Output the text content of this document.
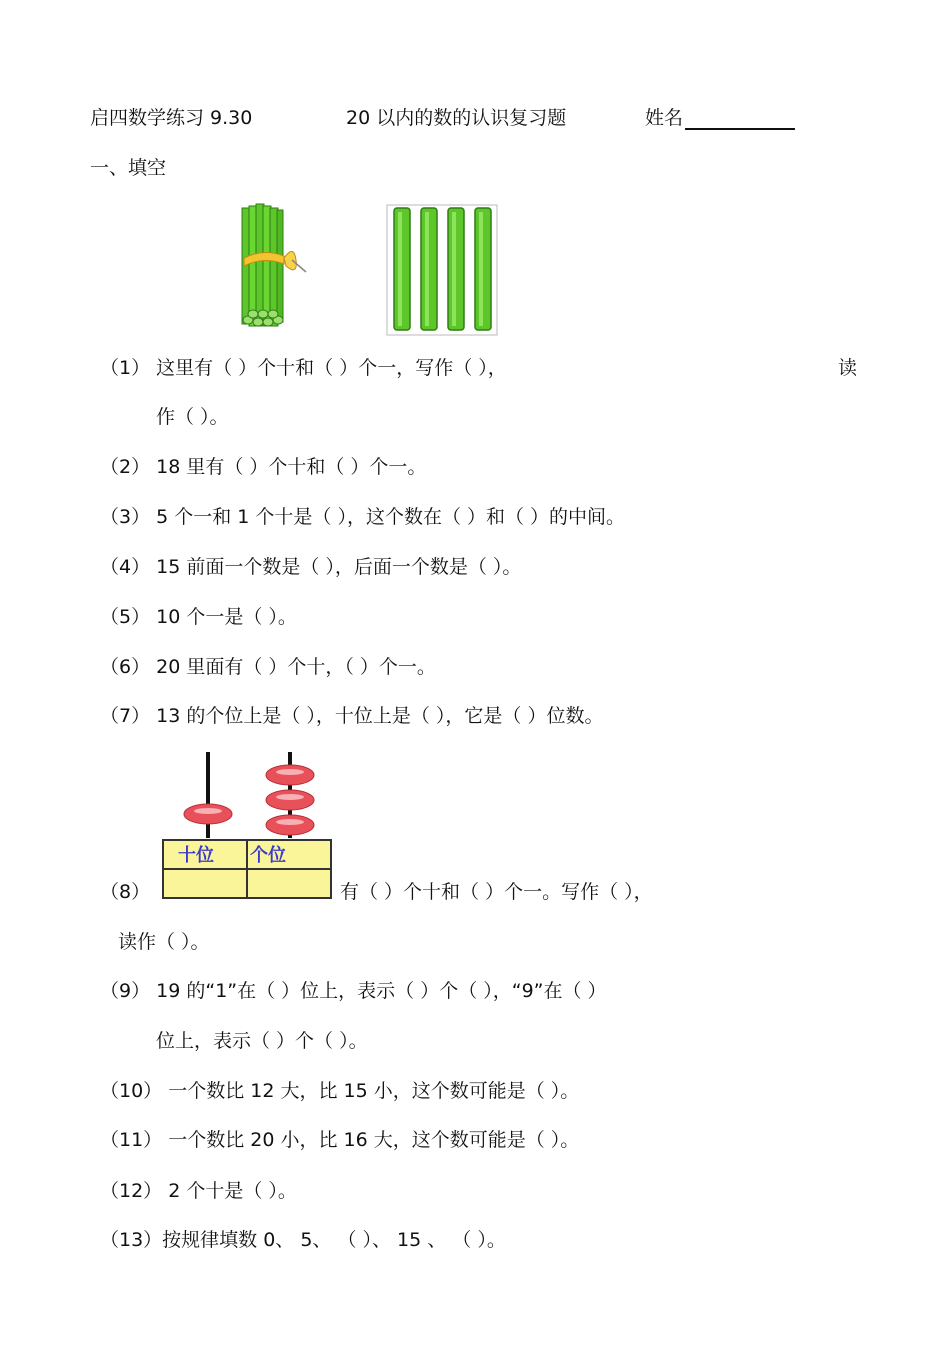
启四数学练习 9.30	20 以内的数的认识复习题	姓名
一、填空
（1） 这里有（ ）个十和（ ）个一，写作（ ），	读
作（ ）。
（2） 18 里有（ ）个十和（ ）个一。
（3） 5 个一和 1 个十是（ ），这个数在（ ）和（ ）的中间。
（4） 15 前面一个数是（ ），后面一个数是（ ）。
（5） 10 个一是（ ）。
（6） 20 里面有（ ）个十，（ ）个一。
（7） 13 的个位上是（ ），十位上是（ ），它是（ ）位数。
十位 个位
（8）	有（ ）个十和（ ）个一。写作（ ），
读作（ ）。
（9） 19 的“1”在（ ）位上，表示（ ）个（ ），“9”在（ ）
位上，表示（ ）个（ ）。
（10） 一个数比 12 大，比 15 小，这个数可能是（ ）。
（11） 一个数比 20 小，比 16 大，这个数可能是（ ）。
（12） 2 个十是（ ）。
（13）按规律填数 0、 5、 （ ）、 15 、 （ ）。
